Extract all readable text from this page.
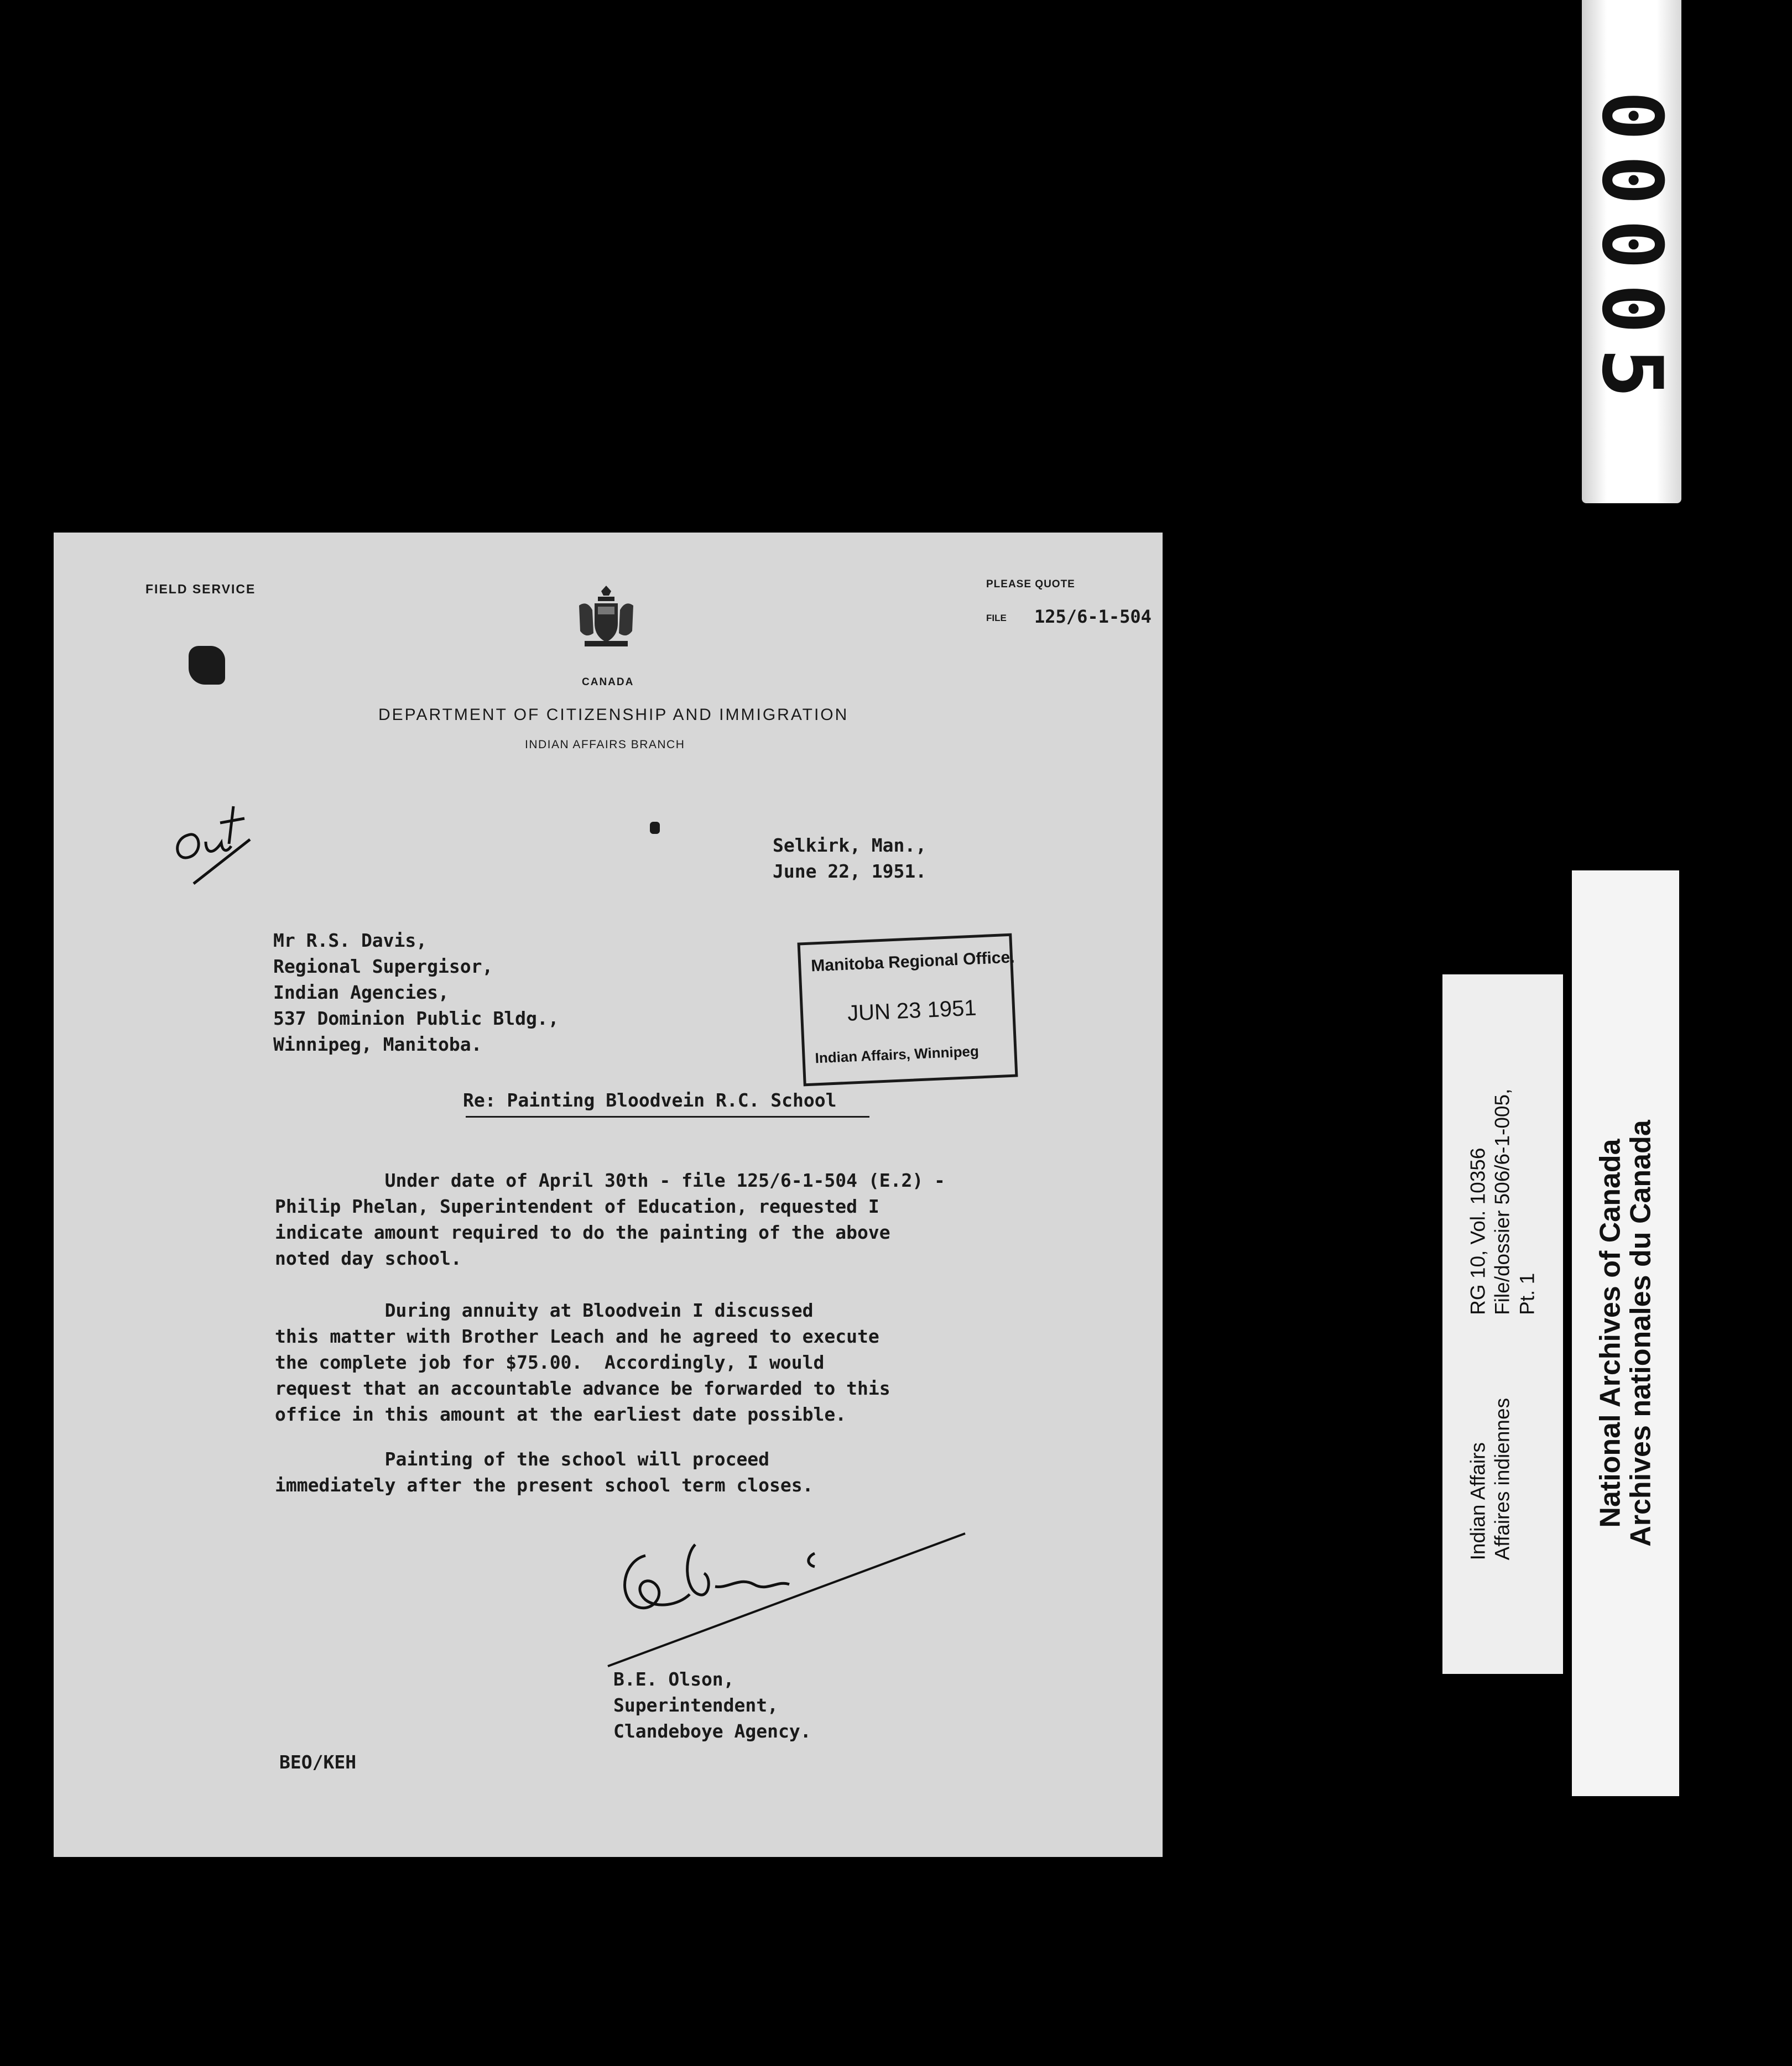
00005
Indian Affairs Affaires indiennes
RG 10, Vol. 10356 File/dossier 506/6-1-005, Pt. 1 National Archives of Canada
Archives nationales du Canada
FIELD SERVICE	PLEASE QUOTE
FILE 125/6-1-504
CANADA
DEPARTMENT OF CITIZENSHIP AND IMMIGRATION
INDIAN AFFAIRS BRANCH
Selkirk, Man.,
June 22, 1951.
Mr R.S. Davis,
Regional Supergisor,
Indian Agencies,
537 Dominion Public Bldg.,
Winnipeg, Manitoba.
Manitoba Regional Office.
JUN 23 1951
Indian Affairs, Winnipeg
Re: Painting Bloodvein R.C. School
Under date of April 30th - file 125/6-1-504 (E.2) -
Philip Phelan, Superintendent of Education, requested I
indicate amount required to do the painting of the above
noted day school.
During annuity at Bloodvein I discussed
this matter with Brother Leach and he agreed to execute
the complete job for $75.00.  Accordingly, I would
request that an accountable advance be forwarded to this
office in this amount at the earliest date possible.
Painting of the school will proceed
immediately after the present school term closes.
B.E. Olson,
Superintendent,
Clandeboye Agency.
BEO/KEH
